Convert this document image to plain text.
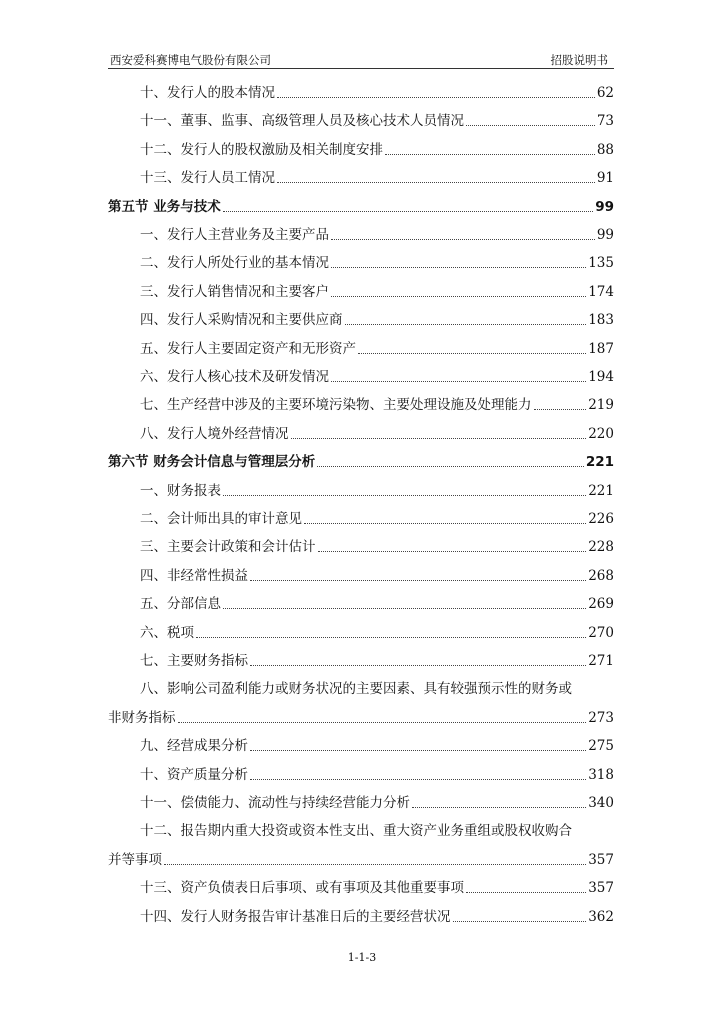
西安爱科赛博电气股份有限公司	招股说明书
十、发行人的股本情况	62
十一、董事、监事、高级管理人员及核心技术人员情况	73
十二、发行人的股权激励及相关制度安排	88
十三、发行人员工情况	91
第五节 业务与技术	99
一、发行人主营业务及主要产品	99
二、发行人所处行业的基本情况	135
三、发行人销售情况和主要客户	174
四、发行人采购情况和主要供应商	183
五、发行人主要固定资产和无形资产	187
六、发行人核心技术及研发情况	194
七、生产经营中涉及的主要环境污染物、主要处理设施及处理能力	219
八、发行人境外经营情况	220
第六节 财务会计信息与管理层分析	221
一、财务报表	221
二、会计师出具的审计意见	226
三、主要会计政策和会计估计	228
四、非经常性损益	268
五、分部信息	269
六、税项	270
七、主要财务指标	271
八、影响公司盈利能力或财务状况的主要因素、具有较强预示性的财务或
非财务指标	273
九、经营成果分析	275
十、资产质量分析	318
十一、偿债能力、流动性与持续经营能力分析	340
十二、报告期内重大投资或资本性支出、重大资产业务重组或股权收购合
并等事项	357
十三、资产负债表日后事项、或有事项及其他重要事项	357
十四、发行人财务报告审计基准日后的主要经营状况	362
1-1-3
